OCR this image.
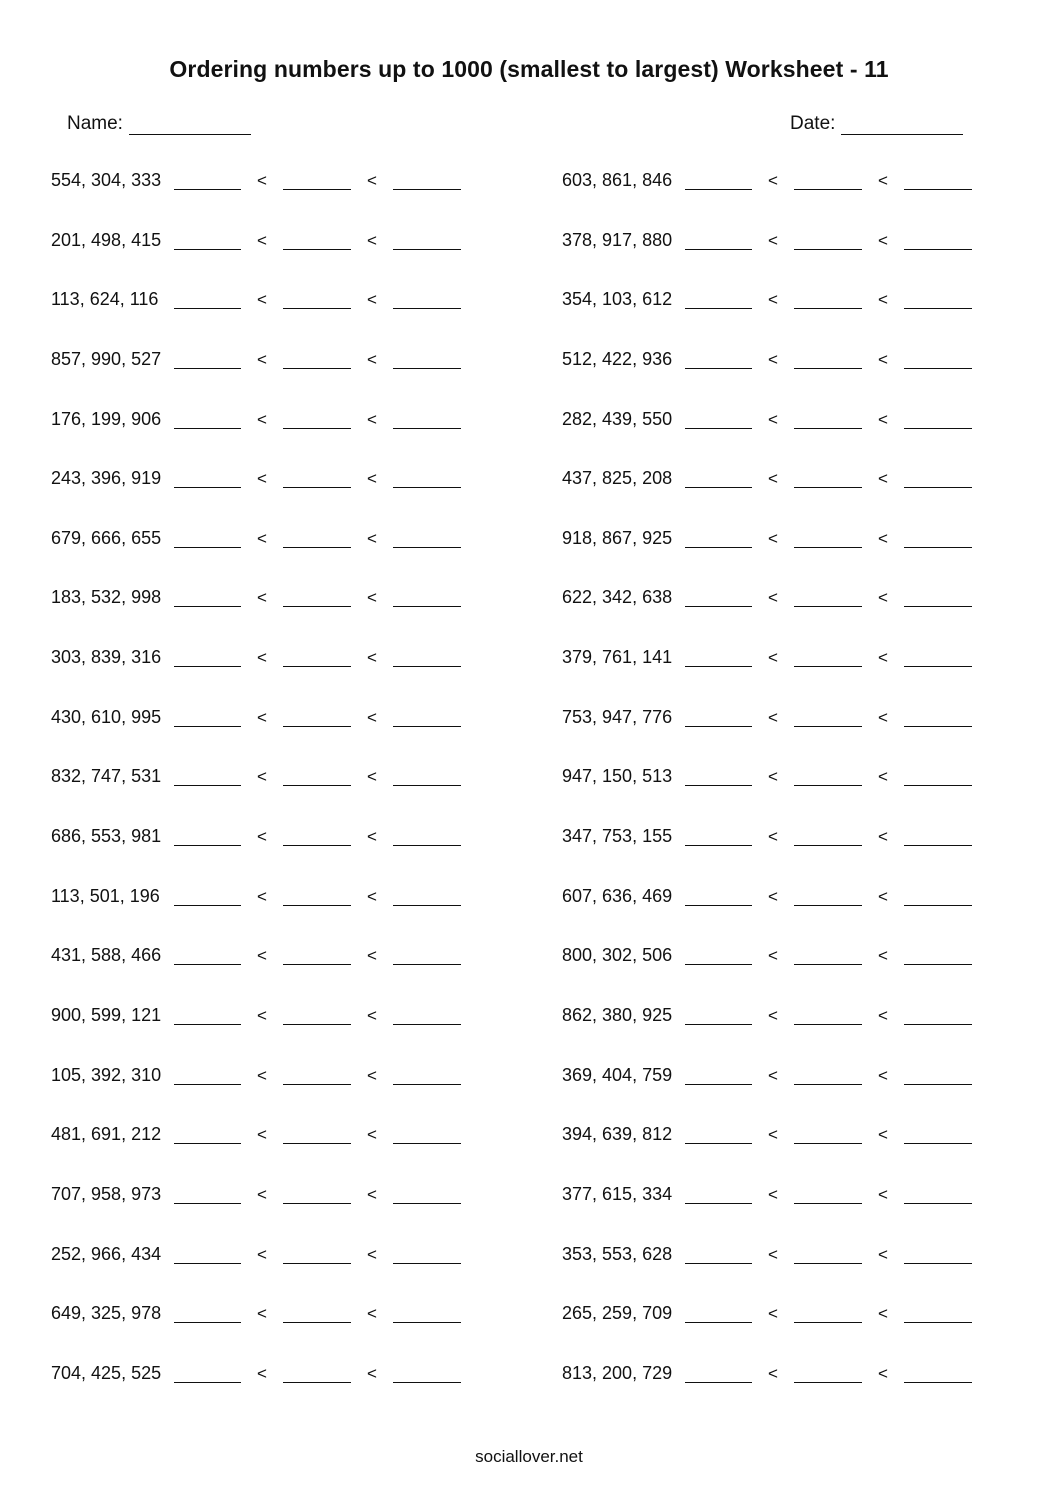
Ordering numbers up to 1000 (smallest to largest) Worksheet - 11
Name:	Date:
554, 304, 333	<	<
201, 498, 415	<	<
113, 624, 116	<	<
857, 990, 527	<	<
176, 199, 906	<	<
243, 396, 919	<	<
679, 666, 655	<	<
183, 532, 998	<	<
303, 839, 316	<	<
430, 610, 995	<	<
832, 747, 531	<	<
686, 553, 981	<	<
113, 501, 196	<	<
431, 588, 466	<	<
900, 599, 121	<	<
105, 392, 310	<	<
481, 691, 212	<	<
707, 958, 973	<	<
252, 966, 434	<	<
649, 325, 978	<	<
704, 425, 525	<	<
603, 861, 846	<	<
378, 917, 880	<	<
354, 103, 612	<	<
512, 422, 936	<	<
282, 439, 550	<	<
437, 825, 208	<	<
918, 867, 925	<	<
622, 342, 638	<	<
379, 761, 141	<	<
753, 947, 776	<	<
947, 150, 513	<	<
347, 753, 155	<	<
607, 636, 469	<	<
800, 302, 506	<	<
862, 380, 925	<	<
369, 404, 759	<	<
394, 639, 812	<	<
377, 615, 334	<	<
353, 553, 628	<	<
265, 259, 709	<	<
813, 200, 729	<	<
sociallover.net
